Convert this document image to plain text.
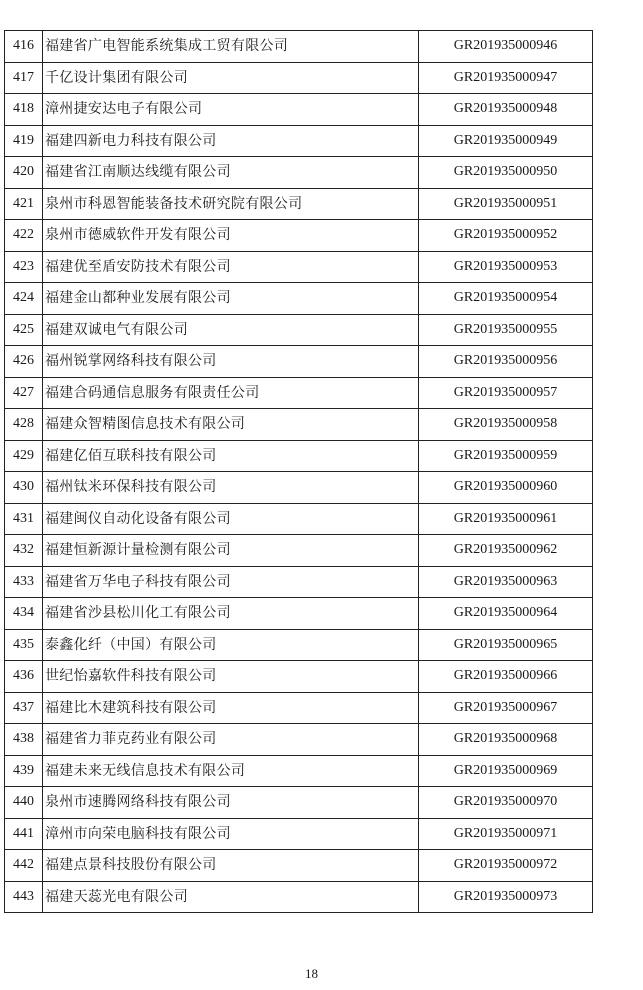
416	福建省广电智能系统集成工贸有限公司	GR201935000946
417	千亿设计集团有限公司	GR201935000947
418	漳州捷安达电子有限公司	GR201935000948
419	福建四新电力科技有限公司	GR201935000949
420	福建省江南顺达线缆有限公司	GR201935000950
421	泉州市科恩智能装备技术研究院有限公司	GR201935000951
422	泉州市德威软件开发有限公司	GR201935000952
423	福建优至盾安防技术有限公司	GR201935000953
424	福建金山都种业发展有限公司	GR201935000954
425	福建双诚电气有限公司	GR201935000955
426	福州锐掌网络科技有限公司	GR201935000956
427	福建合码通信息服务有限责任公司	GR201935000957
428	福建众智精图信息技术有限公司	GR201935000958
429	福建亿佰互联科技有限公司	GR201935000959
430	福州钛米环保科技有限公司	GR201935000960
431	福建闽仪自动化设备有限公司	GR201935000961
432	福建恒新源计量检测有限公司	GR201935000962
433	福建省万华电子科技有限公司	GR201935000963
434	福建省沙县松川化工有限公司	GR201935000964
435	泰鑫化纤（中国）有限公司	GR201935000965
436	世纪怡嘉软件科技有限公司	GR201935000966
437	福建比木建筑科技有限公司	GR201935000967
438	福建省力菲克药业有限公司	GR201935000968
439	福建未来无线信息技术有限公司	GR201935000969
440	泉州市速腾网络科技有限公司	GR201935000970
441	漳州市向荣电脑科技有限公司	GR201935000971
442	福建点景科技股份有限公司	GR201935000972
443	福建天蕊光电有限公司	GR201935000973
18
